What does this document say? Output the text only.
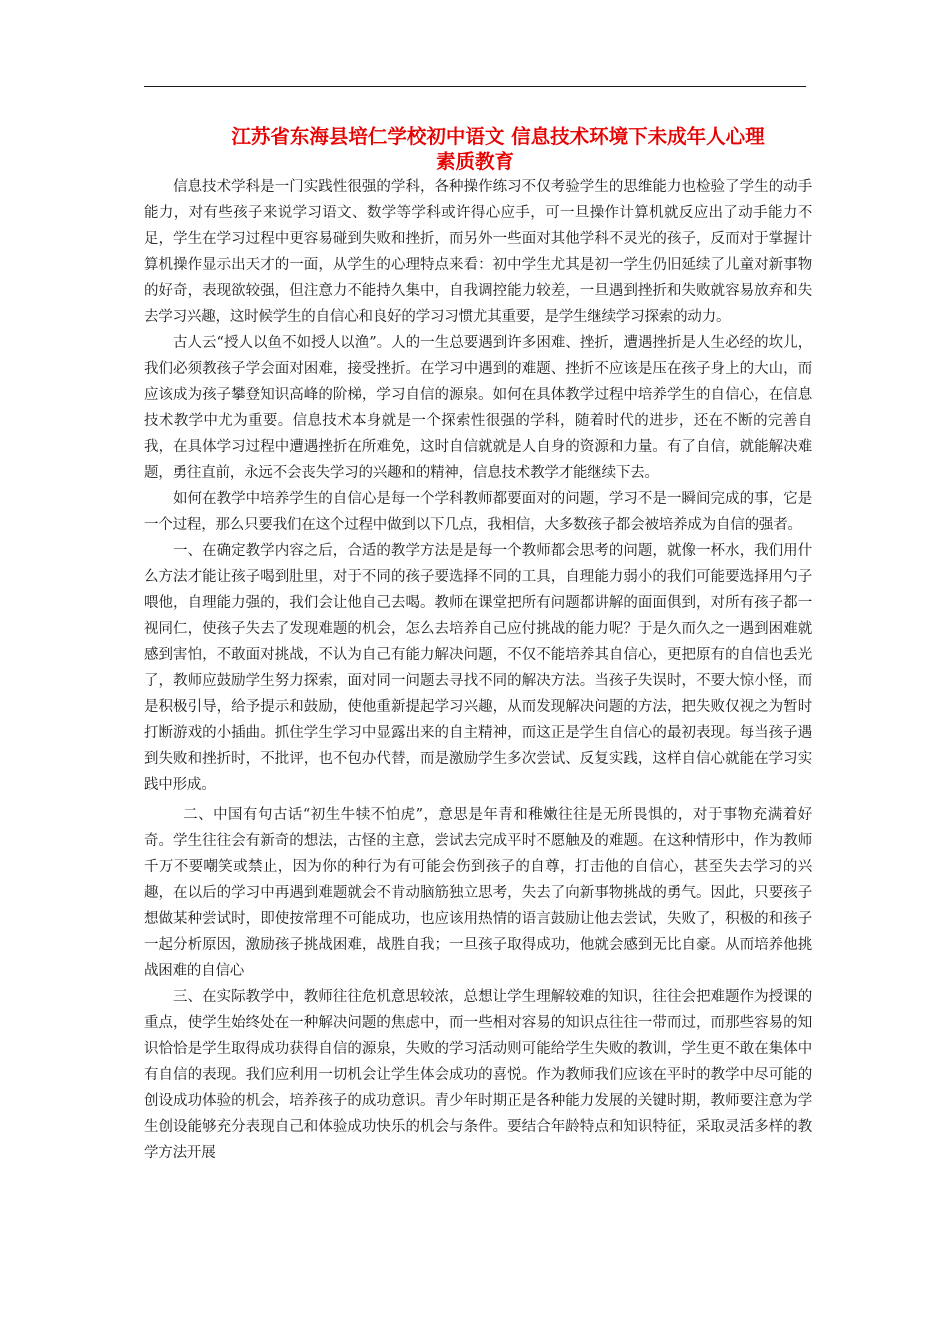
江苏省东海县培仁学校初中语文 信息技术环境下未成年人心理
素质教育

信息技术学科是一门实践性很强的学科，各种操作练习不仅考验学生的思维能力也检验了学生的动手能力，对有些孩子来说学习语文、数学等学科或许得心应手，可一旦操作计算机就反应出了动手能力不足，学生在学习过程中更容易碰到失败和挫折，而另外一些面对其他学科不灵光的孩子，反而对于掌握计算机操作显示出天才的一面，从学生的心理特点来看：初中学生尤其是初一学生仍旧延续了儿童对新事物的好奇，表现欲较强，但注意力不能持久集中，自我调控能力较差，一旦遇到挫折和失败就容易放弃和失去学习兴趣，这时候学生的自信心和良好的学习习惯尤其重要，是学生继续学习探索的动力。

古人云“授人以鱼不如授人以渔”。人的一生总要遇到许多困难、挫折，遭遇挫折是人生必经的坎儿，我们必须教孩子学会面对困难，接受挫折。在学习中遇到的难题、挫折不应该是压在孩子身上的大山，而应该成为孩子攀登知识高峰的阶梯，学习自信的源泉。如何在具体教学过程中培养学生的自信心，在信息技术教学中尤为重要。信息技术本身就是一个探索性很强的学科，随着时代的进步，还在不断的完善自我，在具体学习过程中遭遇挫折在所难免，这时自信就就是人自身的资源和力量。有了自信，就能解决难题，勇往直前，永远不会丧失学习的兴趣和的精神，信息技术教学才能继续下去。

如何在教学中培养学生的自信心是每一个学科教师都要面对的问题，学习不是一瞬间完成的事，它是一个过程，那么只要我们在这个过程中做到以下几点，我相信，大多数孩子都会被培养成为自信的强者。

一、在确定教学内容之后，合适的教学方法是是每一个教师都会思考的问题，就像一杯水，我们用什么方法才能让孩子喝到肚里，对于不同的孩子要选择不同的工具，自理能力弱小的我们可能要选择用勺子喂他，自理能力强的，我们会让他自己去喝。教师在课堂把所有问题都讲解的面面俱到，对所有孩子都一视同仁，使孩子失去了发现难题的机会，怎么去培养自己应付挑战的能力呢？于是久而久之一遇到困难就感到害怕，不敢面对挑战，不认为自己有能力解决问题，不仅不能培养其自信心，更把原有的自信也丢光了，教师应鼓励学生努力探索，面对同一问题去寻找不同的解决方法。当孩子失误时，不要大惊小怪，而是积极引导，给予提示和鼓励，使他重新提起学习兴趣，从而发现解决问题的方法，把失败仅视之为暂时打断游戏的小插曲。抓住学生学习中显露出来的自主精神，而这正是学生自信心的最初表现。每当孩子遇到失败和挫折时，不批评，也不包办代替，而是激励学生多次尝试、反复实践，这样自信心就能在学习实践中形成。

二、中国有句古话“初生牛犊不怕虎”，意思是年青和稚嫩往往是无所畏惧的，对于事物充满着好奇。学生往往会有新奇的想法，古怪的主意，尝试去完成平时不愿触及的难题。在这种情形中，作为教师千万不要嘲笑或禁止，因为你的种行为有可能会伤到孩子的自尊，打击他的自信心，甚至失去学习的兴趣，在以后的学习中再遇到难题就会不肯动脑筋独立思考，失去了向新事物挑战的勇气。因此，只要孩子想做某种尝试时，即使按常理不可能成功，也应该用热情的语言鼓励让他去尝试，失败了，积极的和孩子一起分析原因，激励孩子挑战困难，战胜自我；一旦孩子取得成功，他就会感到无比自豪。从而培养他挑战困难的自信心

三、在实际教学中，教师往往危机意思较浓，总想让学生理解较难的知识，往往会把难题作为授课的重点，使学生始终处在一种解决问题的焦虑中，而一些相对容易的知识点往往一带而过，而那些容易的知识恰恰是学生取得成功获得自信的源泉，失败的学习活动则可能给学生失败的教训，学生更不敢在集体中有自信的表现。我们应利用一切机会让学生体会成功的喜悦。作为教师我们应该在平时的教学中尽可能的创设成功体验的机会，培养孩子的成功意识。青少年时期正是各种能力发展的关键时期，教师要注意为学生创设能够充分表现自己和体验成功快乐的机会与条件。要结合年龄特点和知识特征，采取灵活多样的教学方法开展
